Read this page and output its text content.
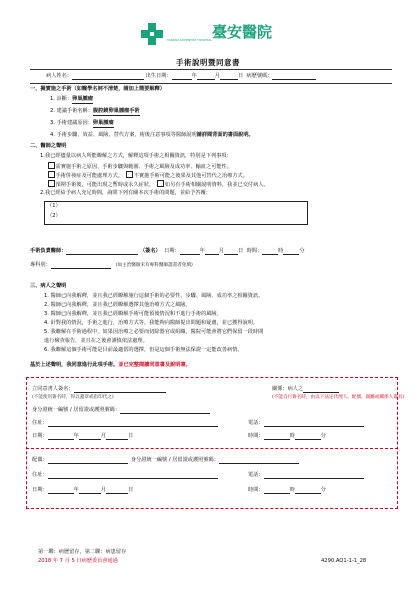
TAIWAN ADVENTIST HOSPITAL 臺安醫院
手術說明暨同意書
病人姓名：	出生日期：	年	月	日 病歷號碼：
一、擬實施之手術（如醫學名詞不清楚，請加上簡要解釋）
1. 診斷：卵巢腫瘤
2. 建議手術名稱：腹腔鏡卵巢腫瘤手術
3. 手術建議原因：卵巢腫瘤
4. 手術步驟、效益、風險、替代方案、術後注意事項等醫師說明請詳閱背面的書面說明。
二、醫師之聲明
1.我已經儘量以病人所能瞭解之方式，解釋這項手術之相關資訊，特別是下列事項：
需實施手術之原因、手術步驟與範圍、手術之風險及成功率、輸血之可能性。
手術併發症及可能處理方式。 不實施手術可能之後果及其他可替代之治療方式。
預期手術後，可能出現之暫時或永久症狀。 如另有手術相關說明資料，我並已交付病人。
2.我已經給予病人充足時間，詢問下列有關本次手術的問題，並給予答覆：
（1）
（2）
手術負責醫師：	（簽名） 日期：	年	月	日 時間：	時	分
專科別：	(如主治醫師未有專科醫師證書者免填)
三、病人之聲明
1. 醫師已向我解釋，並且我已經瞭解施行這個手術的必要性、步驟、風險、成功率之相關資訊。
2. 醫師已向我解釋，並且我已經瞭解選擇其他治療方式之風險。
3. 醫師已向我解釋，並且我已經瞭解手術可能預後情況和不進行手術的風險。
4. 針對我的情況，手術之進行，治療方式等，我能夠向醫師提出問題和疑慮，並已獲得說明。
5. 我瞭解在手術過程中，如果因治療之必要而切除器官或組織，醫院可能會將它們保留一段時間
進行檢查報告，並且在之後會謹慎依法處理。
6. 我瞭解這個手術可能是目前最適當的選擇，但是這個手術無法保證一定能改善病情。
基於上述聲明，我同意進行此項手術。並已完整閱讀同意書及說明書。
立同意書人簽名：	關係：病人之
(不能使用簽名時，得以蓋章或指印代之)	(不能自行簽名時，由以下法定代理人、配偶、親屬或關係人簽具)
身分證統一編號 / 居留證或護照號碼：
住址：	電話：
日期：	年	月	日	時間：	時	分
配偶：	身分證統一編號 / 居留證或護照號碼：
住址：	電話：
日期：	年	月	日	時間：	時	分
第一聯：病歷留存，第二聯：病患留存
2018 年 7 月 5 日病歷委員會通過	4290.AQ1-1-1_28
